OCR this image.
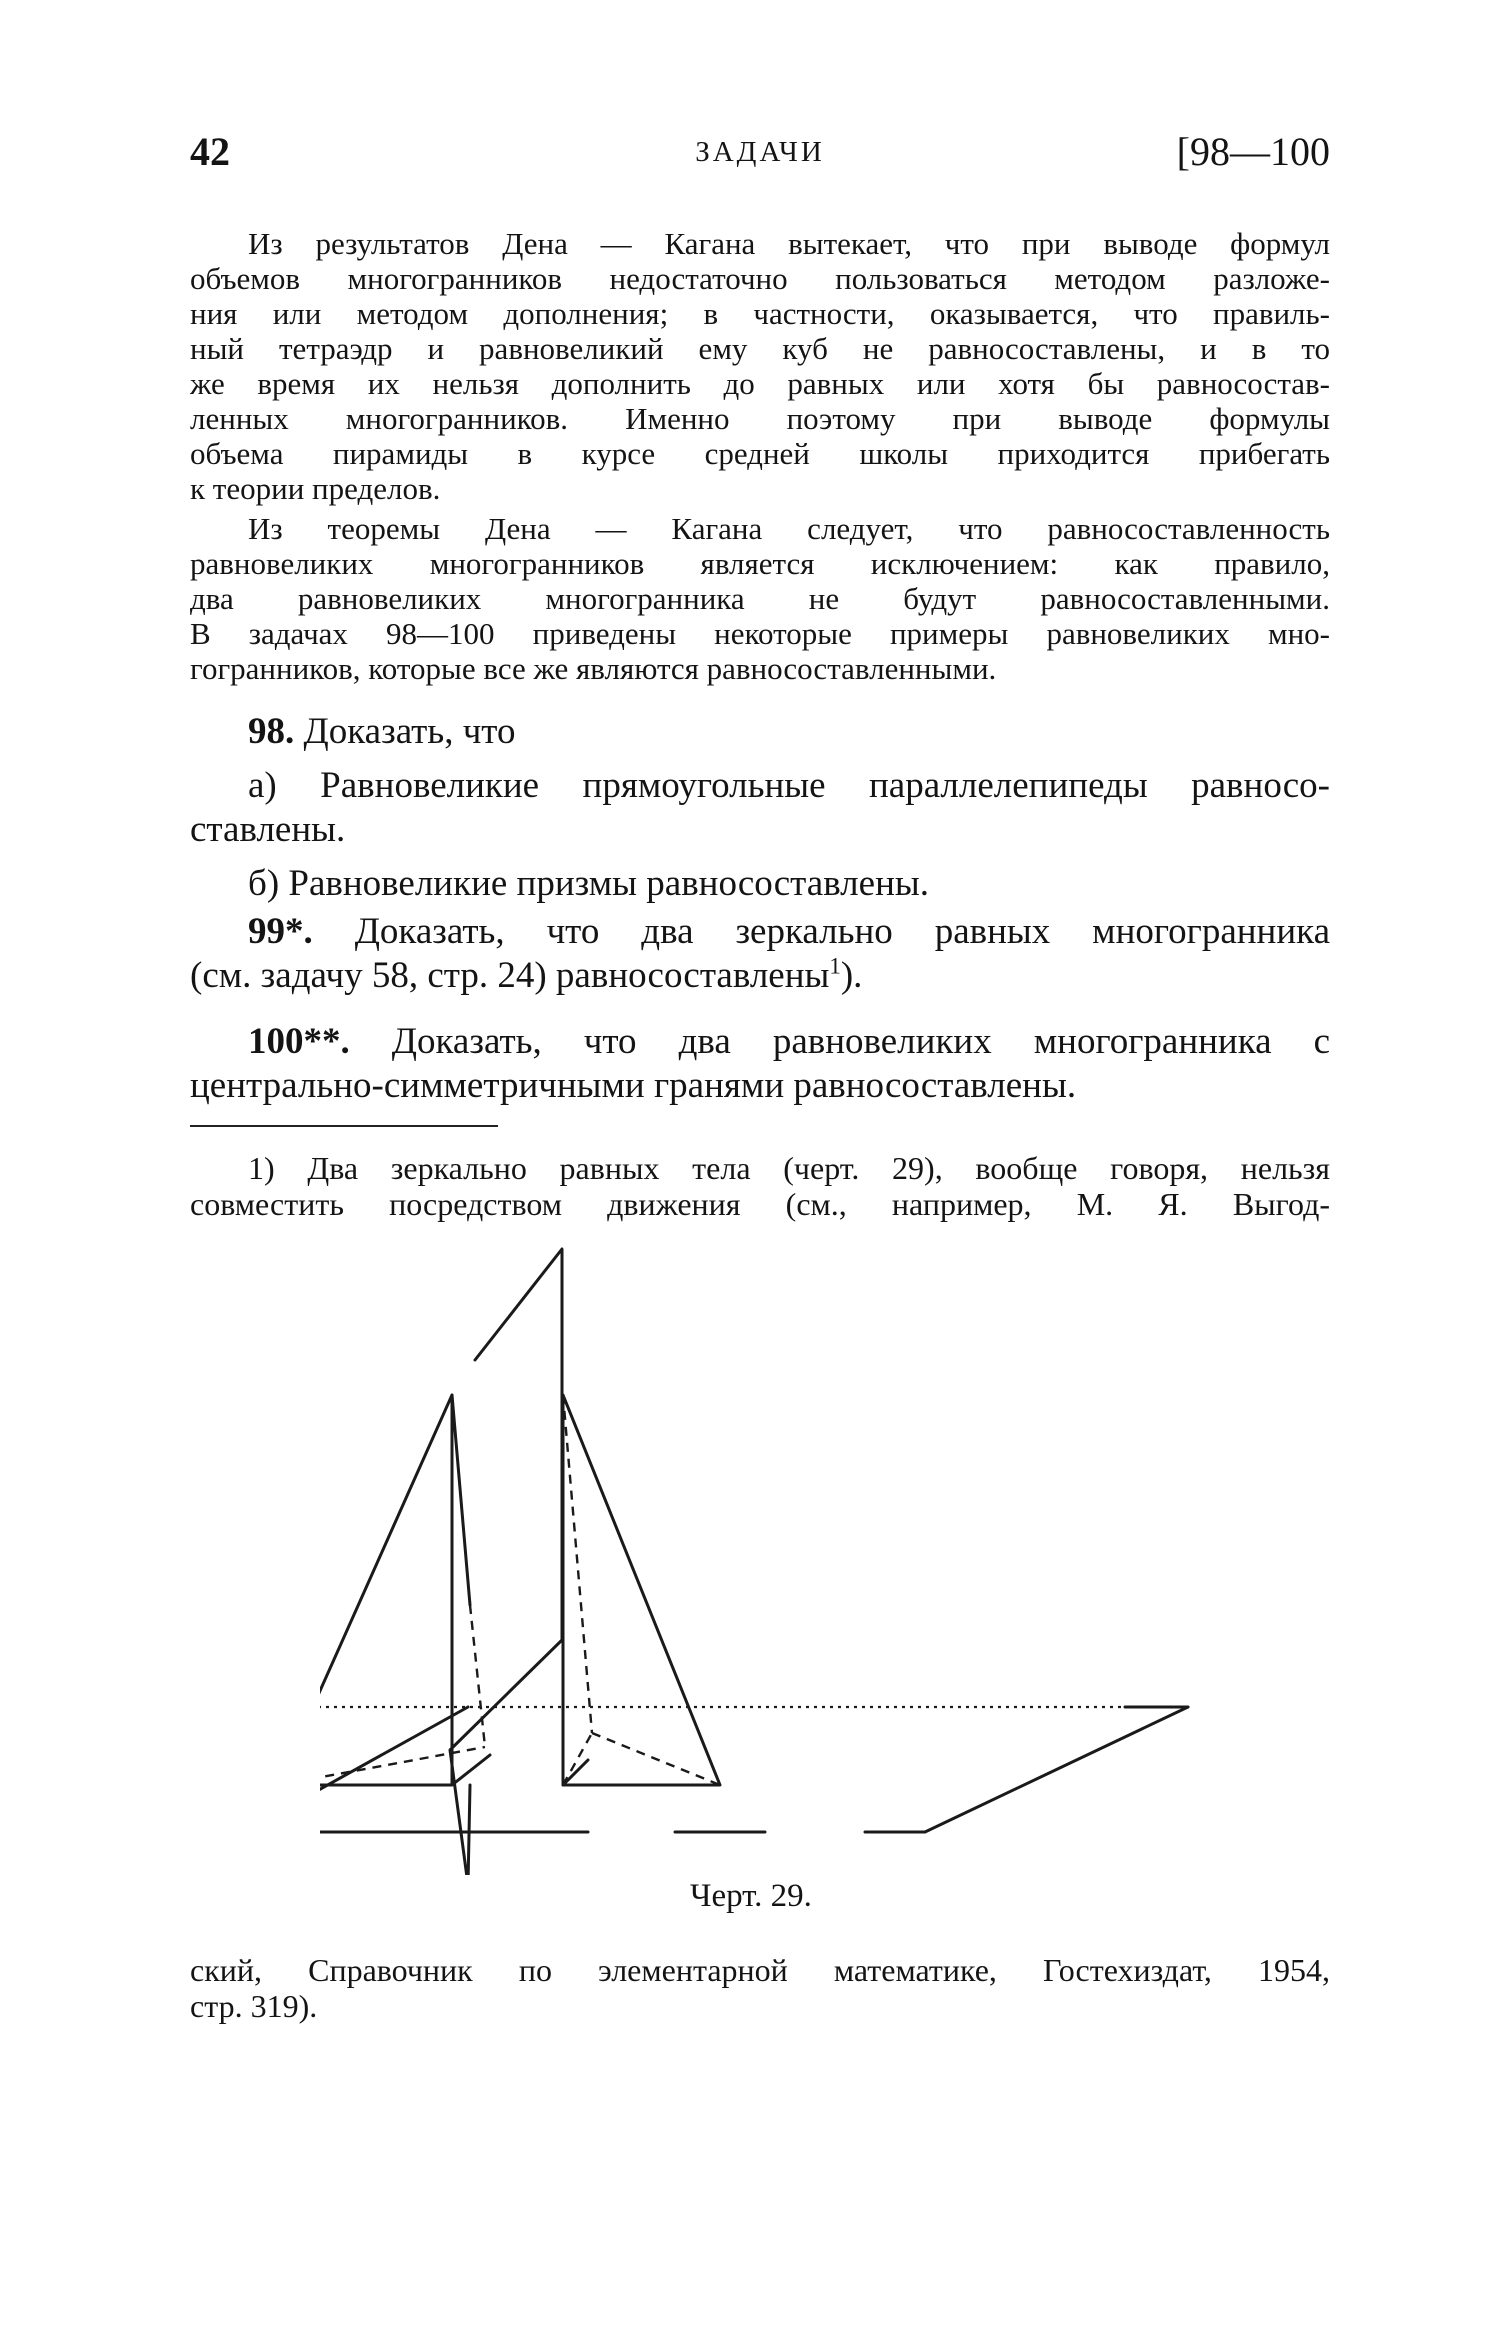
42	ЗАДАЧИ	[98—100
Из результатов Дена — Кагана вытекает, что при выводе формул
объемов многогранников недостаточно пользоваться методом разложе-
ния или методом дополнения; в частности, оказывается, что правиль-
ный тетраэдр и равновеликий ему куб не равносоставлены, и в то
же время их нельзя дополнить до равных или хотя бы равносостав-
ленных многогранников. Именно поэтому при выводе формулы
объема пирамиды в курсе средней школы приходится прибегать
к теории пределов.
Из теоремы Дена — Кагана следует, что равносоставленность
равновеликих многогранников является исключением: как правило,
два равновеликих многогранника не будут равносоставленными.
В задачах 98—100 приведены некоторые примеры равновеликих мно-
гогранников, которые все же являются равносоставленными.
98. Доказать, что
а) Равновеликие прямоугольные параллелепипеды равносо-
ставлены.
б) Равновеликие призмы равносоставлены.
99*. Доказать, что два зеркально равных многогранника
(см. задачу 58, стр. 24) равносоставлены$^1$).
100**. Доказать, что два равновеликих многогранника с
центрально-симметричными гранями равносоставлены.
1) Два зеркально равных тела (черт. 29), вообще говоря, нельзя
совместить посредством движения (см., например, М. Я. Выгод-
Черт. 29.
ский, Справочник по элементарной математике, Гостехиздат, 1954,
стр. 319).
